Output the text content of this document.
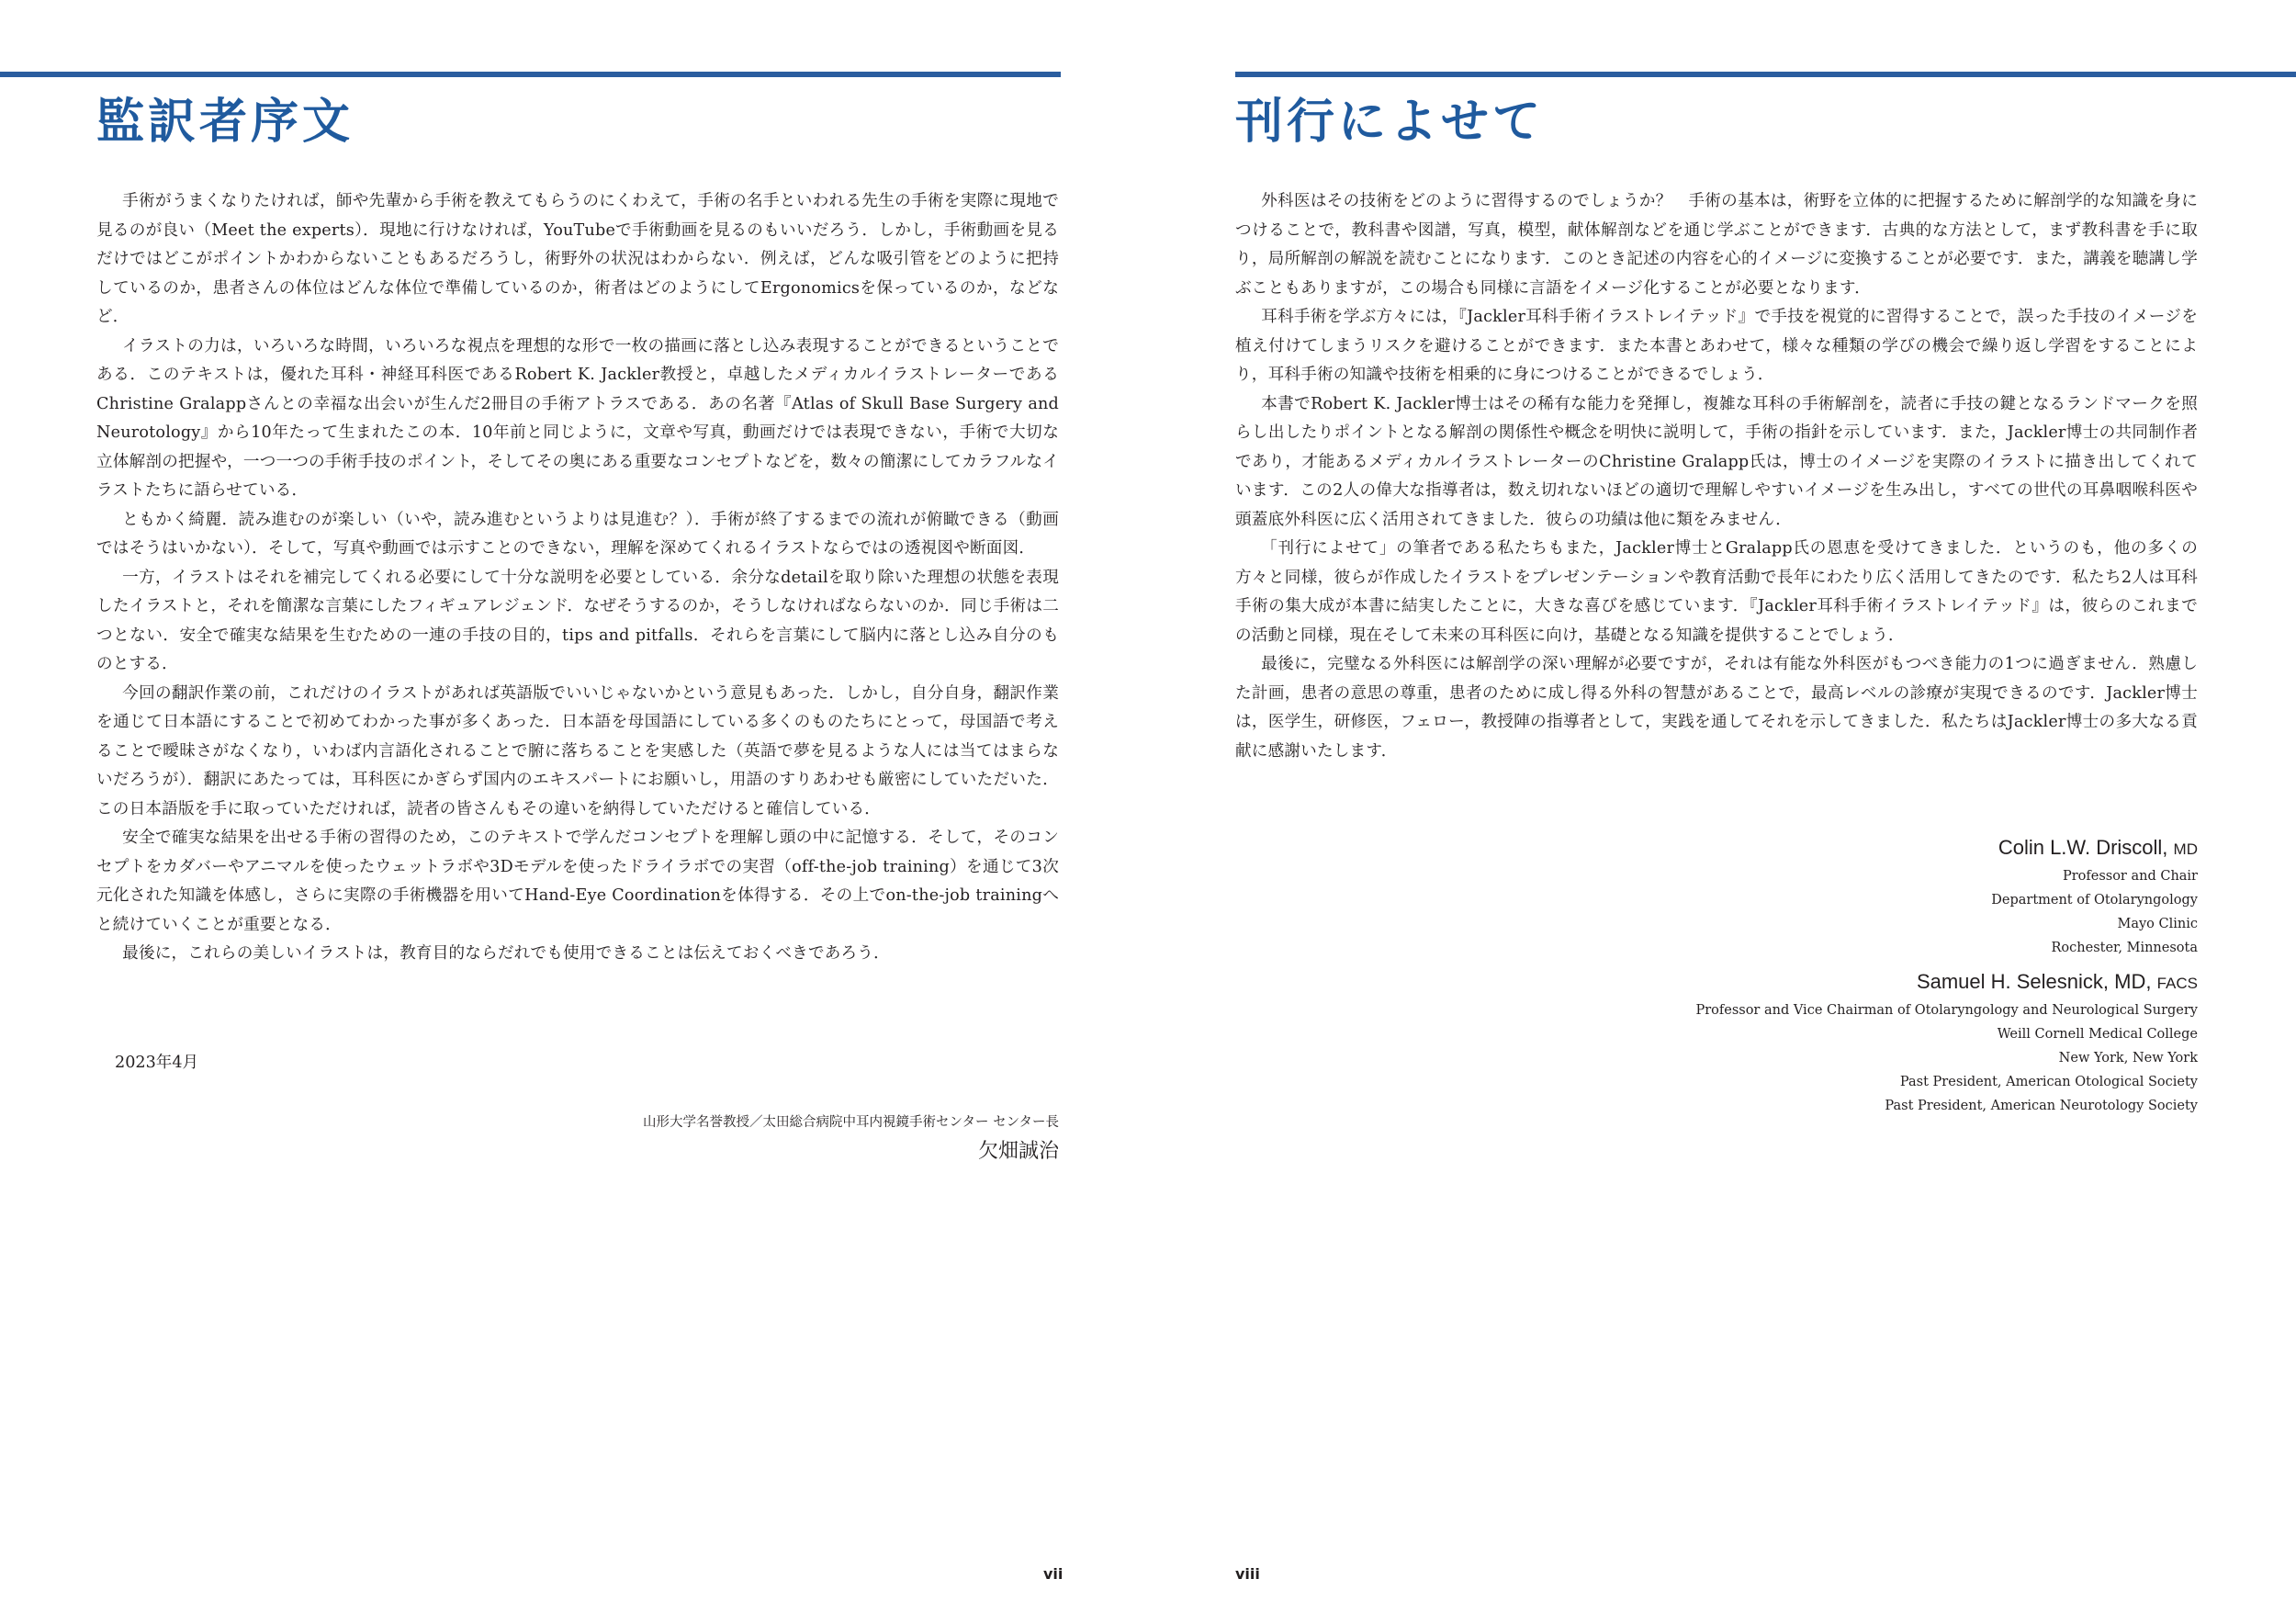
監訳者序文

手術がうまくなりたければ，師や先輩から手術を教えてもらうのにくわえて，手術の名手といわれる先生の手術を実際に現地で見るのが良い（Meet the experts）．現地に行けなければ，YouTubeで手術動画を見るのもいいだろう．しかし，手術動画を見るだけではどこがポイントかわからないこともあるだろうし，術野外の状況はわからない．例えば，どんな吸引管をどのように把持しているのか，患者さんの体位はどんな体位で準備しているのか，術者はどのようにしてErgonomicsを保っているのか，などなど．

イラストの力は，いろいろな時間，いろいろな視点を理想的な形で一枚の描画に落とし込み表現することができるということである．このテキストは，優れた耳科・神経耳科医であるRobert K. Jackler教授と，卓越したメディカルイラストレーターであるChristine Gralappさんとの幸福な出会いが生んだ2冊目の手術アトラスである．あの名著『Atlas of Skull Base Surgery and Neurotology』から10年たって生まれたこの本．10年前と同じように，文章や写真，動画だけでは表現できない，手術で大切な立体解剖の把握や，一つ一つの手術手技のポイント，そしてその奥にある重要なコンセプトなどを，数々の簡潔にしてカラフルなイラストたちに語らせている．

ともかく綺麗．読み進むのが楽しい（いや，読み進むというよりは見進む？）．手術が終了するまでの流れが俯瞰できる（動画ではそうはいかない）．そして，写真や動画では示すことのできない，理解を深めてくれるイラストならではの透視図や断面図．

一方，イラストはそれを補完してくれる必要にして十分な説明を必要としている．余分なdetailを取り除いた理想の状態を表現したイラストと，それを簡潔な言葉にしたフィギュアレジェンド．なぜそうするのか，そうしなければならないのか．同じ手術は二つとない．安全で確実な結果を生むための一連の手技の目的，tips and pitfalls．それらを言葉にして脳内に落とし込み自分のものとする．

今回の翻訳作業の前，これだけのイラストがあれば英語版でいいじゃないかという意見もあった．しかし，自分自身，翻訳作業を通じて日本語にすることで初めてわかった事が多くあった．日本語を母国語にしている多くのものたちにとって，母国語で考えることで曖昧さがなくなり，いわば内言語化されることで腑に落ちることを実感した（英語で夢を見るような人には当てはまらないだろうが）．翻訳にあたっては，耳科医にかぎらず国内のエキスパートにお願いし，用語のすりあわせも厳密にしていただいた．この日本語版を手に取っていただければ，読者の皆さんもその違いを納得していただけると確信している．

安全で確実な結果を出せる手術の習得のため，このテキストで学んだコンセプトを理解し頭の中に記憶する．そして，そのコンセプトをカダバーやアニマルを使ったウェットラボや3Dモデルを使ったドライラボでの実習（off-the-job training）を通じて3次元化された知識を体感し，さらに実際の手術機器を用いてHand-Eye Coordinationを体得する．その上でon-the-job trainingへと続けていくことが重要となる．

最後に，これらの美しいイラストは，教育目的ならだれでも使用できることは伝えておくべきであろう．

2023年4月
山形大学名誉教授／太田総合病院中耳内視鏡手術センター センター長
欠畑誠治
vii
刊行によせて

外科医はその技術をどのように習得するのでしょうか？　手術の基本は，術野を立体的に把握するために解剖学的な知識を身につけることで，教科書や図譜，写真，模型，献体解剖などを通じ学ぶことができます．古典的な方法として，まず教科書を手に取り，局所解剖の解説を読むことになります．このとき記述の内容を心的イメージに変換することが必要です．また，講義を聴講し学ぶこともありますが，この場合も同様に言語をイメージ化することが必要となります．

耳科手術を学ぶ方々には，『Jackler耳科手術イラストレイテッド』で手技を視覚的に習得することで，誤った手技のイメージを植え付けてしまうリスクを避けることができます．また本書とあわせて，様々な種類の学びの機会で繰り返し学習をすることにより，耳科手術の知識や技術を相乗的に身につけることができるでしょう．

本書でRobert K. Jackler博士はその稀有な能力を発揮し，複雑な耳科の手術解剖を，読者に手技の鍵となるランドマークを照らし出したりポイントとなる解剖の関係性や概念を明快に説明して，手術の指針を示しています．また，Jackler博士の共同制作者であり，才能あるメディカルイラストレーターのChristine Gralapp氏は，博士のイメージを実際のイラストに描き出してくれています．この2人の偉大な指導者は，数え切れないほどの適切で理解しやすいイメージを生み出し，すべての世代の耳鼻咽喉科医や頭蓋底外科医に広く活用されてきました．彼らの功績は他に類をみません．

「刊行によせて」の筆者である私たちもまた，Jackler博士とGralapp氏の恩恵を受けてきました．というのも，他の多くの方々と同様，彼らが作成したイラストをプレゼンテーションや教育活動で長年にわたり広く活用してきたのです．私たち2人は耳科手術の集大成が本書に結実したことに，大きな喜びを感じています．『Jackler耳科手術イラストレイテッド』は，彼らのこれまでの活動と同様，現在そして未来の耳科医に向け，基礎となる知識を提供することでしょう．

最後に，完璧なる外科医には解剖学の深い理解が必要ですが，それは有能な外科医がもつべき能力の1つに過ぎません．熟慮した計画，患者の意思の尊重，患者のために成し得る外科の智慧があることで，最高レベルの診療が実現できるのです．Jackler博士は，医学生，研修医，フェロー，教授陣の指導者として，実践を通してそれを示してきました．私たちはJackler博士の多大なる貢献に感謝いたします．

Colin L.W. Driscoll, MD
Professor and Chair
Department of Otolaryngology
Mayo Clinic
Rochester, Minnesota
Samuel H. Selesnick, MD, FACS
Professor and Vice Chairman of Otolaryngology and Neurological Surgery
Weill Cornell Medical College
New York, New York
Past President, American Otological Society
Past President, American Neurotology Society
viii
